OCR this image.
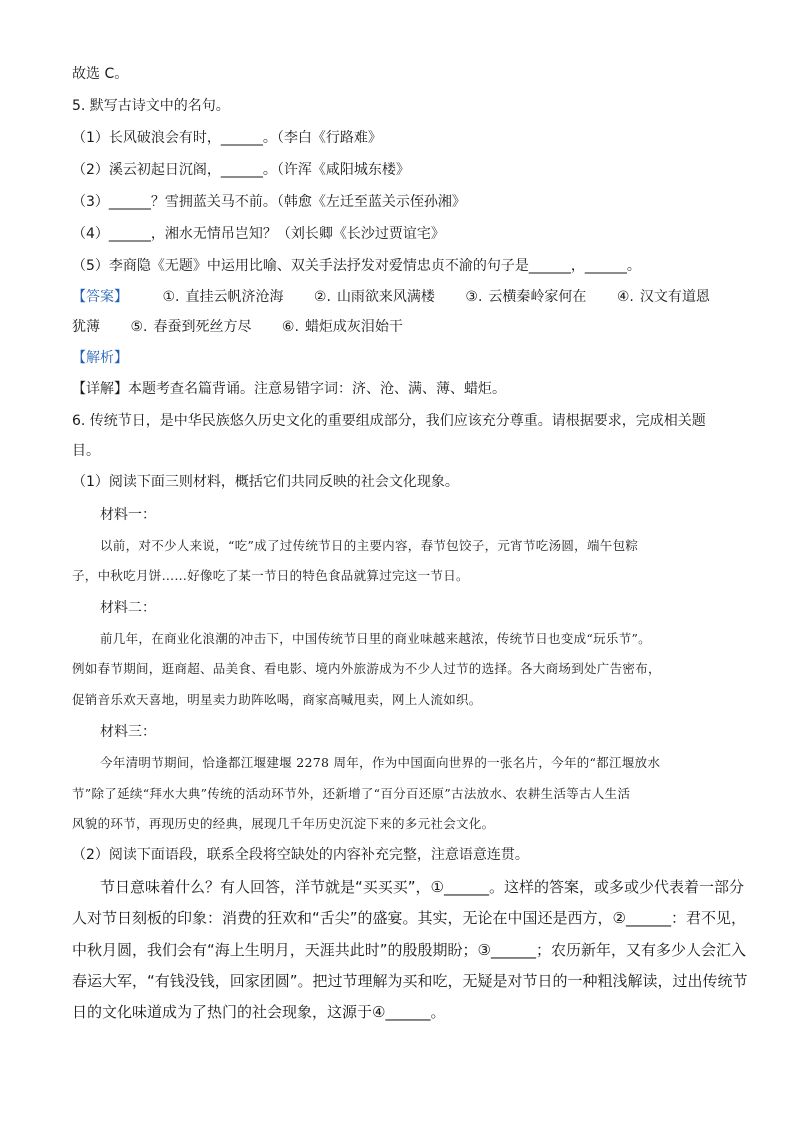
故选 C。
5. 默写古诗文中的名句。
（1）长风破浪会有时，______。（李白《行路难》
（2）溪云初起日沉阁，______。（许浑《咸阳城东楼》
（3）______？雪拥蓝关马不前。（韩愈《左迁至蓝关示侄孙湘》
（4）______，湘水无情吊岂知？（刘长卿《长沙过贾谊宅》
（5）李商隐《无题》中运用比喻、双关手法抒发对爱情忠贞不渝的句子是______，______。
【答案】 ①. 直挂云帆济沧海 ②. 山雨欲来风满楼 ③. 云横秦岭家何在 ④. 汉文有道恩
犹薄 ⑤. 春蚕到死丝方尽 ⑥. 蜡炬成灰泪始干
【解析】
【详解】本题考查名篇背诵。注意易错字词：济、沧、满、薄、蜡炬。
6. 传统节日，是中华民族悠久历史文化的重要组成部分，我们应该充分尊重。请根据要求，完成相关题
目。
（1）阅读下面三则材料，概括它们共同反映的社会文化现象。
材料一：
以前，对不少人来说，“吃”成了过传统节日的主要内容，春节包饺子，元宵节吃汤圆，端午包粽
子，中秋吃月饼……好像吃了某一节日的特色食品就算过完这一节日。
材料二：
前几年，在商业化浪潮的冲击下，中国传统节日里的商业味越来越浓，传统节日也变成“玩乐节”。
例如春节期间，逛商超、品美食、看电影、境内外旅游成为不少人过节的选择。各大商场到处广告密布，
促销音乐欢天喜地，明星卖力助阵吆喝，商家高喊甩卖，网上人流如织。
材料三：
今年清明节期间，恰逢都江堰建堰 2278 周年，作为中国面向世界的一张名片，今年的“都江堰放水
节”除了延续“拜水大典”传统的活动环节外，还新增了“百分百还原”古法放水、农耕生活等古人生活
风貌的环节，再现历史的经典，展现几千年历史沉淀下来的多元社会文化。
（2）阅读下面语段，联系全段将空缺处的内容补充完整，注意语意连贯。
节日意味着什么？有人回答，洋节就是“买买买”，①______。这样的答案，或多或少代表着一部分
人对节日刻板的印象：消费的狂欢和“舌尖”的盛宴。其实，无论在中国还是西方，②______：君不见，
中秋月圆，我们会有“海上生明月，天涯共此时”的殷殷期盼；③______；农历新年，又有多少人会汇入
春运大军，“有钱没钱，回家团圆”。把过节理解为买和吃，无疑是对节日的一种粗浅解读，过出传统节
日的文化味道成为了热门的社会现象，这源于④______。
